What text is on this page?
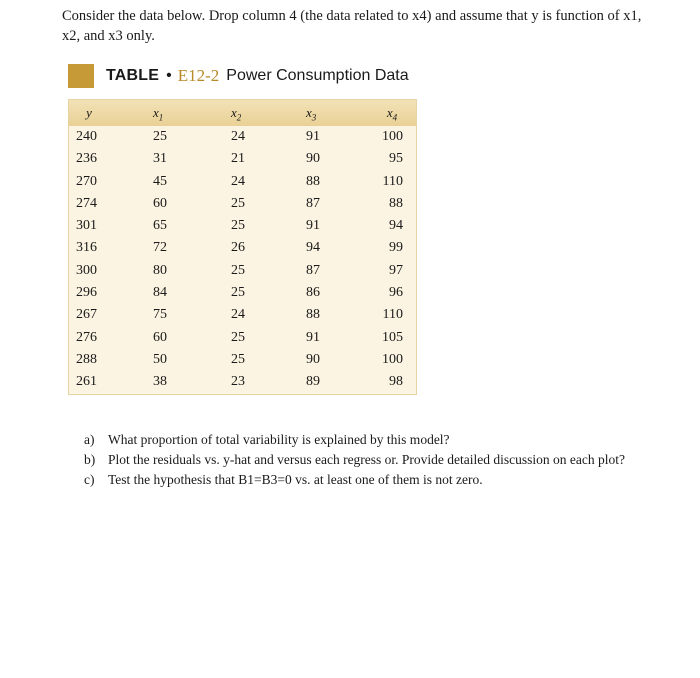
Consider the data below. Drop column 4 (the data related to x4) and assume that y is function of x1, x2, and x3 only.
TABLE • E12-2 Power Consumption Data
y	$x_1$	$x_2$	$x_3$	$x_4$
240	25	24	91	100
236	31	21	90	95
270	45	24	88	110
274	60	25	87	88
301	65	25	91	94
316	72	26	94	99
300	80	25	87	97
296	84	25	86	96
267	75	24	88	110
276	60	25	91	105
288	50	25	90	100
261	38	23	89	98
a)	What proportion of total variability is explained by this model?
b) Plot the residuals vs. y-hat and versus each regress or. Provide detailed discussion on each plot?
c)	Test the hypothesis that B1=B3=0 vs. at least one of them is not zero.
